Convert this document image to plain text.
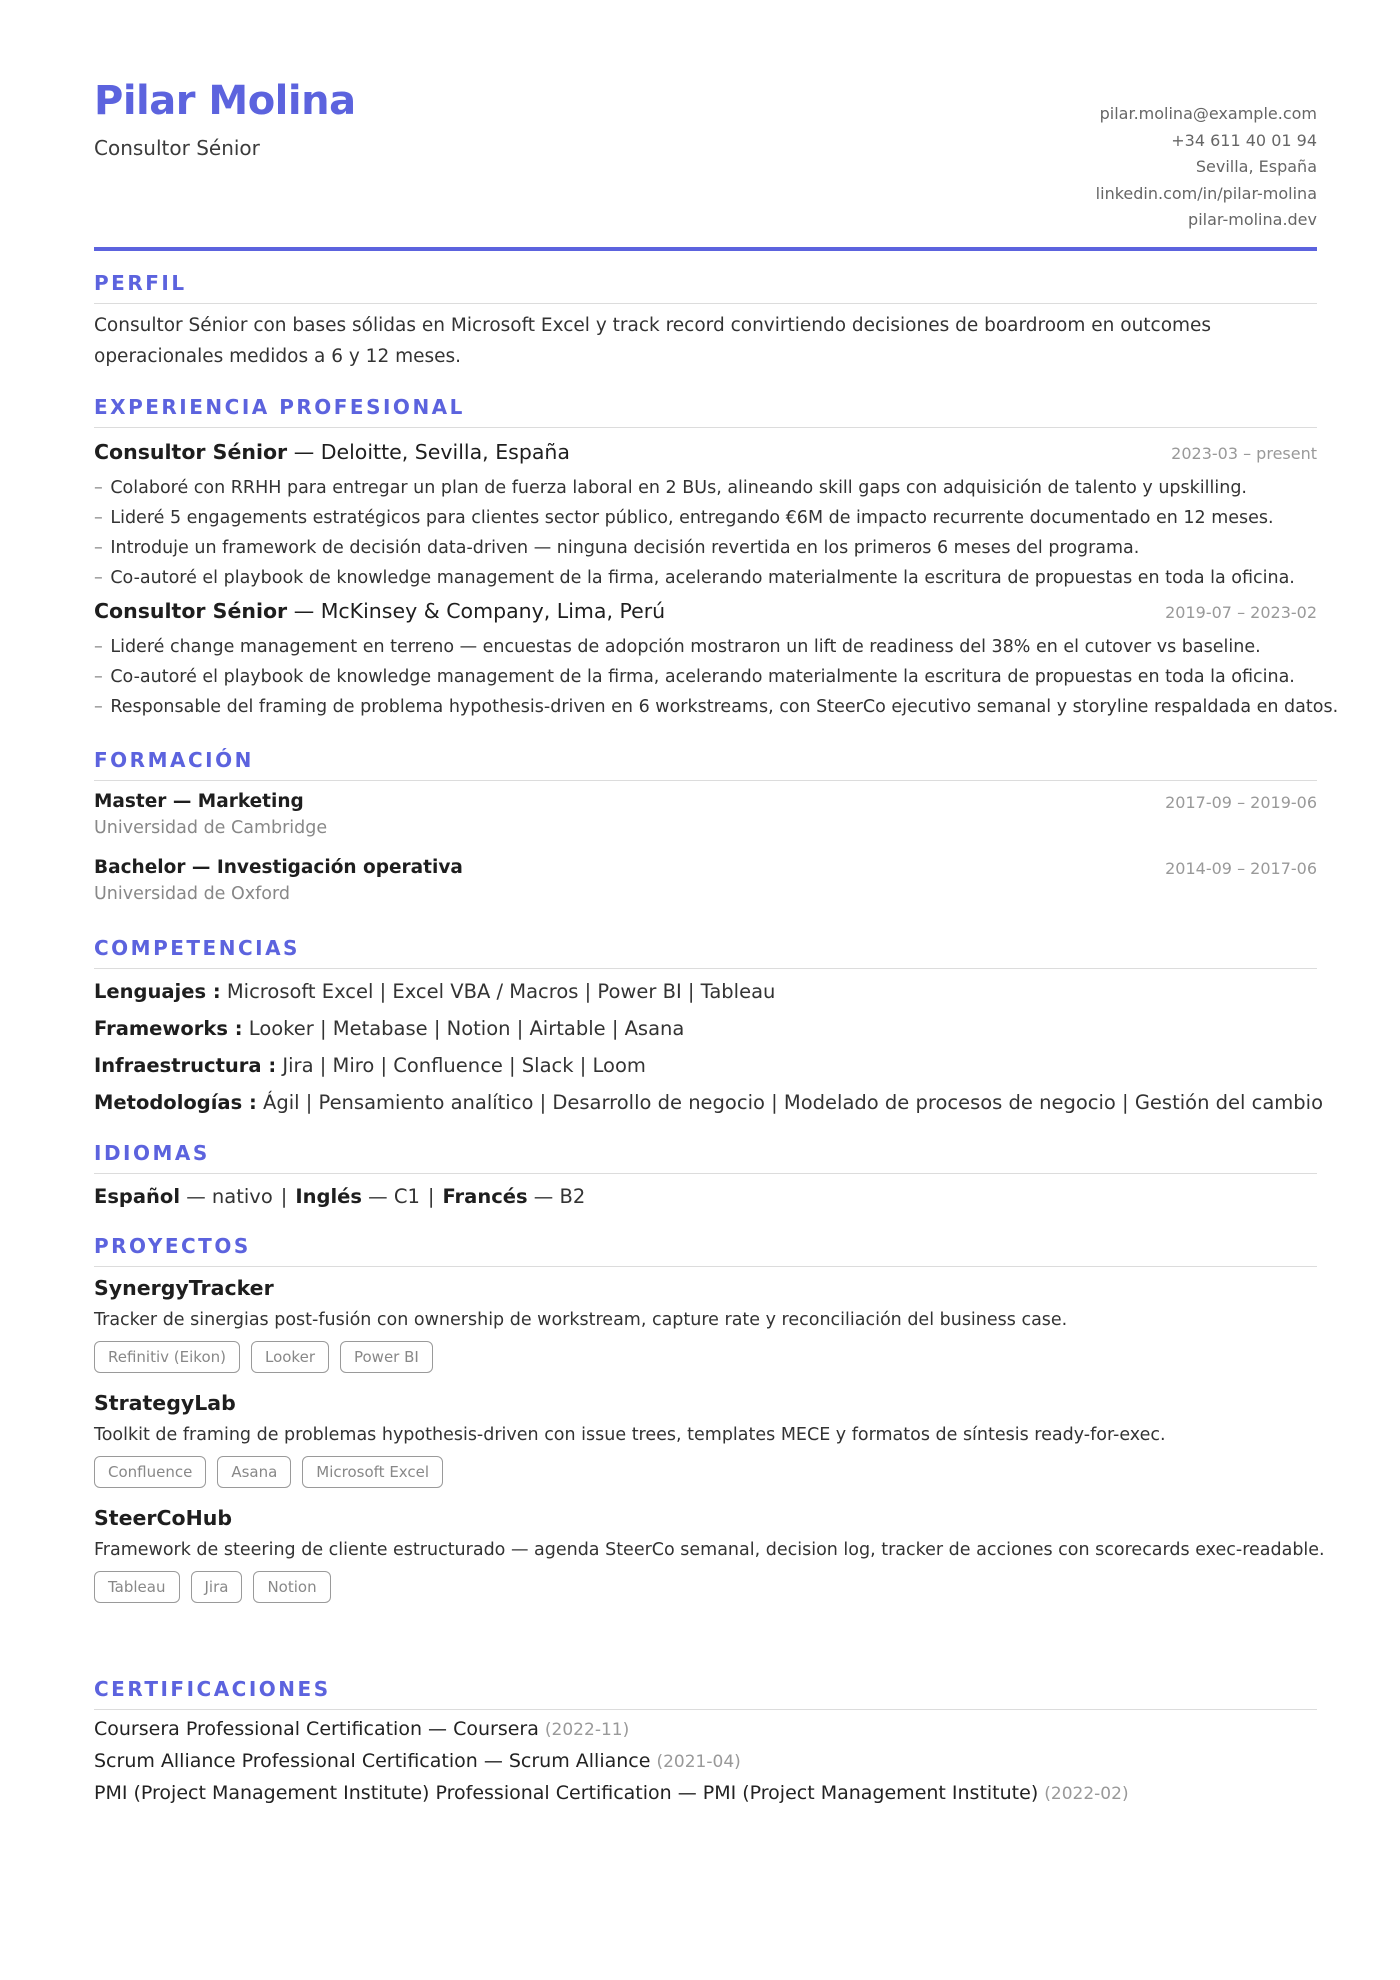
Pilar Molina

Consultor Sénior

pilar.molina@example.com
+34 611 40 01 94
Sevilla, España
linkedin.com/in/pilar-molina
pilar-molina.dev
PERFIL

Consultor Sénior con bases sólidas en Microsoft Excel y track record convirtiendo decisiones de boardroom en outcomes operacionales medidos a 6 y 12 meses.

EXPERIENCIA PROFESIONAL
Consultor Sénior — Deloitte, Sevilla, España	2023-03 – present
– Colaboré con RRHH para entregar un plan de fuerza laboral en 2 BUs, alineando skill gaps con adquisición de talento y upskilling.
– Lideré 5 engagements estratégicos para clientes sector público, entregando €6M de impacto recurrente documentado en 12 meses.
– Introduje un framework de decisión data-driven — ninguna decisión revertida en los primeros 6 meses del programa.
– Co-autoré el playbook de knowledge management de la firma, acelerando materialmente la escritura de propuestas en toda la oficina.
Consultor Sénior — McKinsey & Company, Lima, Perú	2019-07 – 2023-02
– Lideré change management en terreno — encuestas de adopción mostraron un lift de readiness del 38% en el cutover vs baseline.
– Co-autoré el playbook de knowledge management de la firma, acelerando materialmente la escritura de propuestas en toda la oficina.
– Responsable del framing de problema hypothesis-driven en 6 workstreams, con SteerCo ejecutivo semanal y storyline respaldada en datos.
FORMACIÓN
Master — Marketing
Universidad de Cambridge
2017-09 – 2019-06
Bachelor — Investigación operativa
Universidad de Oxford
2014-09 – 2017-06
COMPETENCIAS
Lenguajes : Microsoft Excel | Excel VBA / Macros | Power BI | Tableau
Frameworks : Looker | Metabase | Notion | Airtable | Asana
Infraestructura : Jira | Miro | Confluence | Slack | Loom
Metodologías : Ágil | Pensamiento analítico | Desarrollo de negocio | Modelado de procesos de negocio | Gestión del cambio
IDIOMAS
Español — nativo | Inglés — C1 | Francés — B2
PROYECTOS
SynergyTracker
Tracker de sinergias post-fusión con ownership de workstream, capture rate y reconciliación del business case.
Refinitiv (Eikon)	Looker	Power BI
StrategyLab
Toolkit de framing de problemas hypothesis-driven con issue trees, templates MECE y formatos de síntesis ready-for-exec.
Confluence	Asana	Microsoft Excel
SteerCoHub
Framework de steering de cliente estructurado — agenda SteerCo semanal, decision log, tracker de acciones con scorecards exec-readable.
Tableau	Jira	Notion
CERTIFICACIONES
Coursera Professional Certification — Coursera (2022-11)
Scrum Alliance Professional Certification — Scrum Alliance (2021-04)
PMI (Project Management Institute) Professional Certification — PMI (Project Management Institute) (2022-02)
